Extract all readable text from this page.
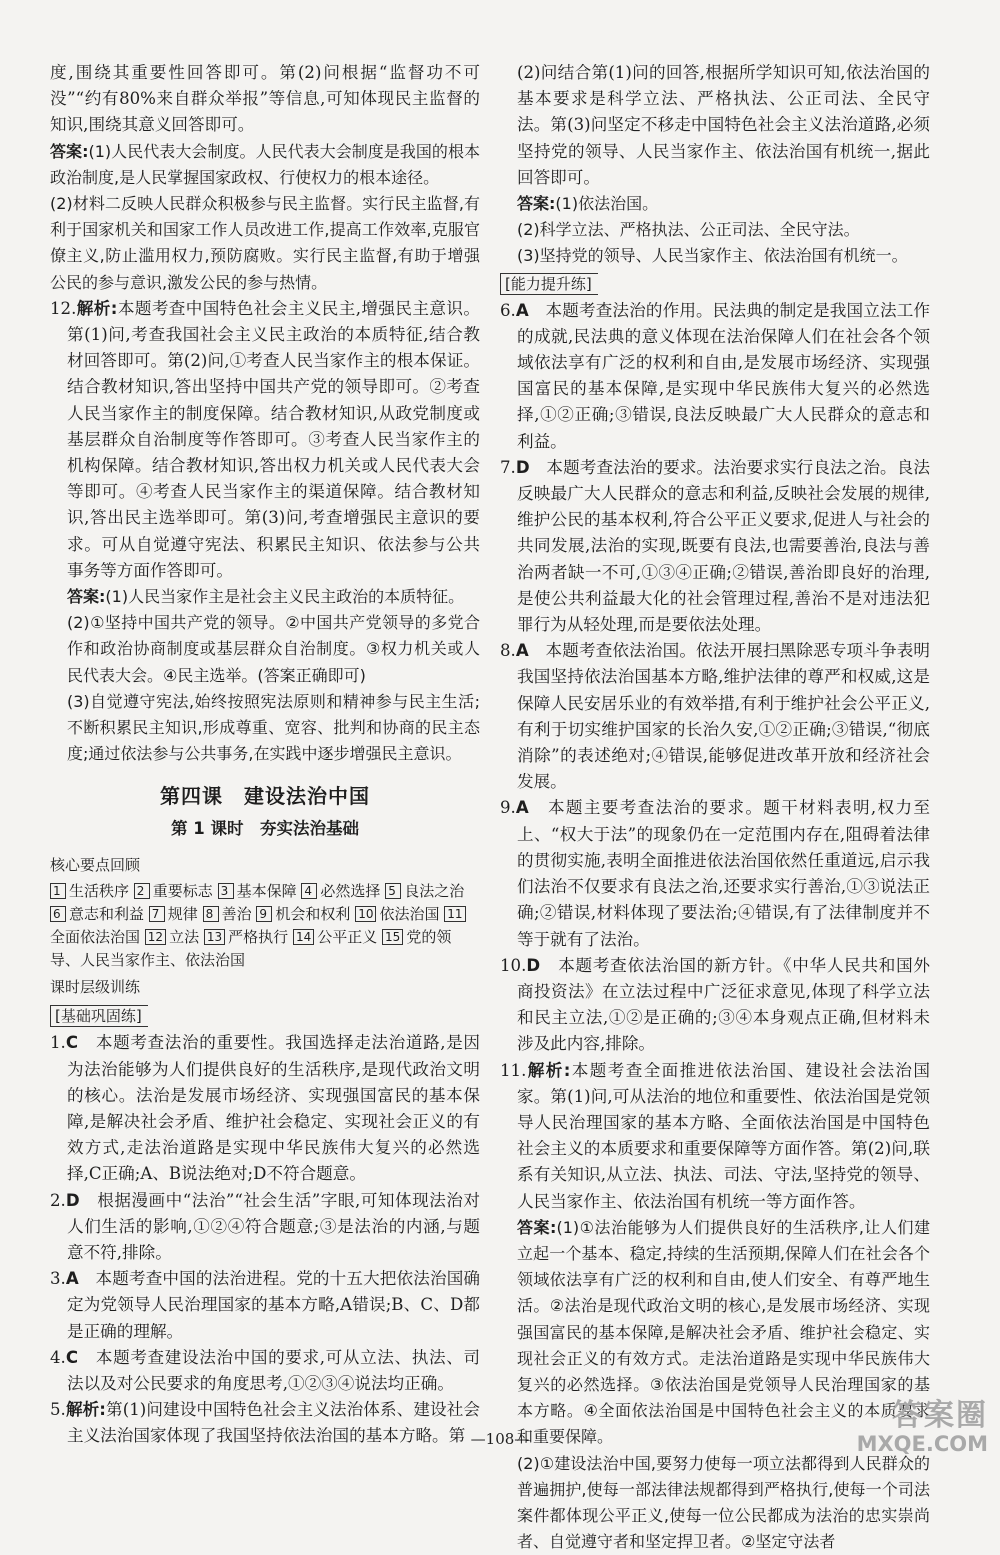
度,围绕其重要性回答即可。第(2)问根据“监督功不可没”“约有80%来自群众举报”等信息,可知体现民主监督的知识,围绕其意义回答即可。

答案:(1)人民代表大会制度。人民代表大会制度是我国的根本政治制度,是人民掌握国家政权、行使权力的根本途径。

(2)材料二反映人民群众积极参与民主监督。实行民主监督,有利于国家机关和国家工作人员改进工作,提高工作效率,克服官僚主义,防止滥用权力,预防腐败。实行民主监督,有助于增强公民的参与意识,激发公民的参与热情。

12.解析:本题考查中国特色社会主义民主,增强民主意识。第(1)问,考查我国社会主义民主政治的本质特征,结合教材回答即可。第(2)问,①考查人民当家作主的根本保证。结合教材知识,答出坚持中国共产党的领导即可。②考查人民当家作主的制度保障。结合教材知识,从政党制度或基层群众自治制度等作答即可。③考查人民当家作主的机构保障。结合教材知识,答出权力机关或人民代表大会等即可。④考查人民当家作主的渠道保障。结合教材知识,答出民主选举即可。第(3)问,考查增强民主意识的要求。可从自觉遵守宪法、积累民主知识、依法参与公共事务等方面作答即可。

答案:(1)人民当家作主是社会主义民主政治的本质特征。

(2)①坚持中国共产党的领导。②中国共产党领导的多党合作和政治协商制度或基层群众自治制度。③权力机关或人民代表大会。④民主选举。(答案正确即可)

(3)自觉遵守宪法,始终按照宪法原则和精神参与民主生活;不断积累民主知识,形成尊重、宽容、批判和协商的民主态度;通过依法参与公共事务,在实践中逐步增强民主意识。

第四课　建设法治中国
第 1 课时　夯实法治基础
核心要点回顾
1 生活秩序 2 重要标志 3 基本保障 4 必然选择 5 良法之治 6 意志和利益 7 规律 8 善治 9 机会和权利 10 依法治国 11全面依法治国 12 立法 13 严格执行 14 公平正义 15 党的领导、人民当家作主、依法治国
课时层级训练
[基础巩固练]

1.C　 本题考查法治的重要性。我国选择走法治道路,是因为法治能够为人们提供良好的生活秩序,是现代政治文明的核心。法治是发展市场经济、实现强国富民的基本保障,是解决社会矛盾、维护社会稳定、实现社会正义的有效方式,走法治道路是实现中华民族伟大复兴的必然选择,C正确;A、B说法绝对;D不符合题意。

2.D　 根据漫画中“法治”“社会生活”字眼,可知体现法治对人们生活的影响,①②④符合题意;③是法治的内涵,与题意不符,排除。

3.A　 本题考查中国的法治进程。党的十五大把依法治国确定为党领导人民治理国家的基本方略,A错误;B、C、D都是正确的理解。

4.C　 本题考查建设法治中国的要求,可从立法、执法、司法以及对公民要求的角度思考,①②③④说法均正确。

5.解析:第(1)问建设中国特色社会主义法治体系、建设社会主义法治国家体现了我国坚持依法治国的基本方略。第

(2)问结合第(1)问的回答,根据所学知识可知,依法治国的基本要求是科学立法、严格执法、公正司法、全民守法。第(3)问坚定不移走中国特色社会主义法治道路,必须坚持党的领导、人民当家作主、依法治国有机统一,据此回答即可。

答案:(1)依法治国。

(2)科学立法、严格执法、公正司法、全民守法。

(3)坚持党的领导、人民当家作主、依法治国有机统一。

[能力提升练]

6.A　 本题考查法治的作用。民法典的制定是我国立法工作的成就,民法典的意义体现在法治保障人们在社会各个领域依法享有广泛的权利和自由,是发展市场经济、实现强国富民的基本保障,是实现中华民族伟大复兴的必然选择,①②正确;③错误,良法反映最广大人民群众的意志和利益。

7.D　 本题考查法治的要求。法治要求实行良法之治。良法反映最广大人民群众的意志和利益,反映社会发展的规律,维护公民的基本权利,符合公平正义要求,促进人与社会的共同发展,法治的实现,既要有良法,也需要善治,良法与善治两者缺一不可,①③④正确;②错误,善治即良好的治理,是使公共利益最大化的社会管理过程,善治不是对违法犯罪行为从轻处理,而是要依法处理。

8.A　 本题考查依法治国。依法开展扫黑除恶专项斗争表明我国坚持依法治国基本方略,维护法律的尊严和权威,这是保障人民安居乐业的有效举措,有利于维护社会公平正义,有利于切实维护国家的长治久安,①②正确;③错误,“彻底消除”的表述绝对;④错误,能够促进改革开放和经济社会发展。

9.A　 本题主要考查法治的要求。题干材料表明,权力至上、“权大于法”的现象仍在一定范围内存在,阻碍着法律的贯彻实施,表明全面推进依法治国依然任重道远,启示我们法治不仅要求有良法之治,还要求实行善治,①③说法正确;②错误,材料体现了要法治;④错误,有了法律制度并不等于就有了法治。

10.D　 本题考查依法治国的新方针。《中华人民共和国外商投资法》在立法过程中广泛征求意见,体现了科学立法和民主立法,①②是正确的;③④本身观点正确,但材料未涉及此内容,排除。

11.解析:本题考查全面推进依法治国、建设社会法治国家。第(1)问,可从法治的地位和重要性、依法治国是党领导人民治理国家的基本方略、全面依法治国是中国特色社会主义的本质要求和重要保障等方面作答。第(2)问,联系有关知识,从立法、执法、司法、守法,坚持党的领导、人民当家作主、依法治国有机统一等方面作答。

答案:(1)①法治能够为人们提供良好的生活秩序,让人们建立起一个基本、稳定,持续的生活预期,保障人们在社会各个领域依法享有广泛的权利和自由,使人们安全、有尊严地生活。②法治是现代政治文明的核心,是发展市场经济、实现强国富民的基本保障,是解决社会矛盾、维护社会稳定、实现社会正义的有效方式。走法治道路是实现中华民族伟大复兴的必然选择。③依法治国是党领导人民治理国家的基本方略。④全面依法治国是中国特色社会主义的本质要求和重要保障。

(2)①建设法治中国,要努力使每一项立法都得到人民群众的普遍拥护,使每一部法律法规都得到严格执行,使每一个司法案件都体现公平正义,使每一位公民都成为法治的忠实崇尚者、自觉遵守者和坚定捍卫者。②坚定守法者

—108—
答案圈
MXQE.COM
